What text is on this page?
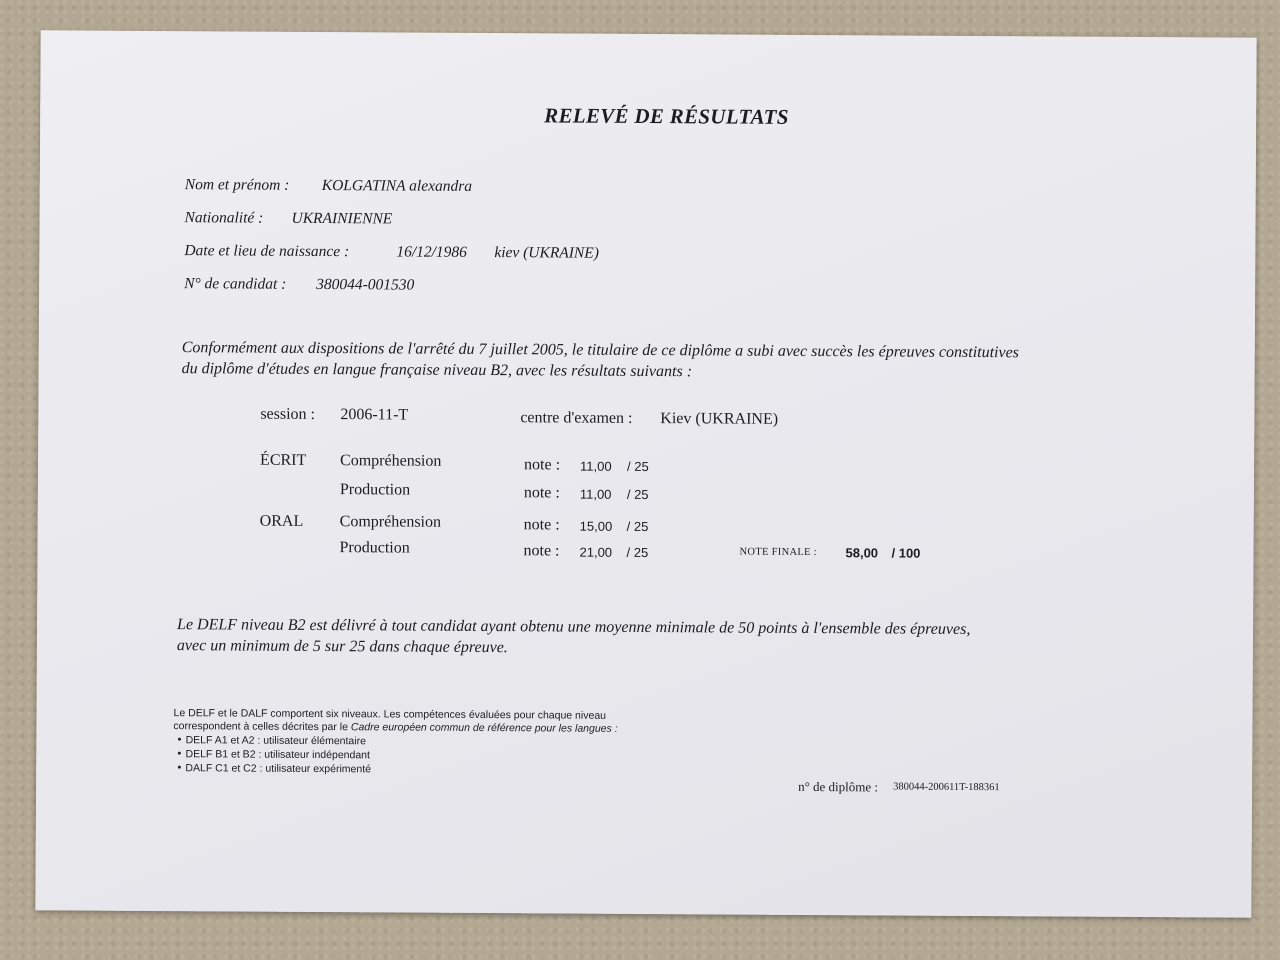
RELEVÉ DE RÉSULTATS
Nom et prénom : KOLGATINA alexandra
Nationalité : UKRAINIENNE
Date et lieu de naissance :	16/12/1986 kiev (UKRAINE)
N° de candidat : 380044-001530
Conformément aux dispositions de l'arrêté du 7 juillet 2005, le titulaire de ce diplôme a subi avec succès les épreuves constitutives
du diplôme d'études en langue française niveau B2, avec les résultats suivants :
session : 2006-11-T	centre d'examen : Kiev (UKRAINE)
ÉCRIT Compréhension	note : 11,00 / 25
Production	note : 11,00 / 25
ORAL Compréhension	note : 15,00 / 25
Production	note : 21,00 / 25	NOTE FINALE : 58,00 / 100
Le DELF niveau B2 est délivré à tout candidat ayant obtenu une moyenne minimale de 50 points à l'ensemble des épreuves,
avec un minimum de 5 sur 25 dans chaque épreuve.
Le DELF et le DALF comportent six niveaux. Les compétences évaluées pour chaque niveau
correspondent à celles décrites par le Cadre européen commun de référence pour les langues :
● DELF A1 et A2 : utilisateur élémentaire
● DELF B1 et B2 : utilisateur indépendant
● DALF C1 et C2 : utilisateur expérimenté
n° de diplôme : 380044-200611T-188361
